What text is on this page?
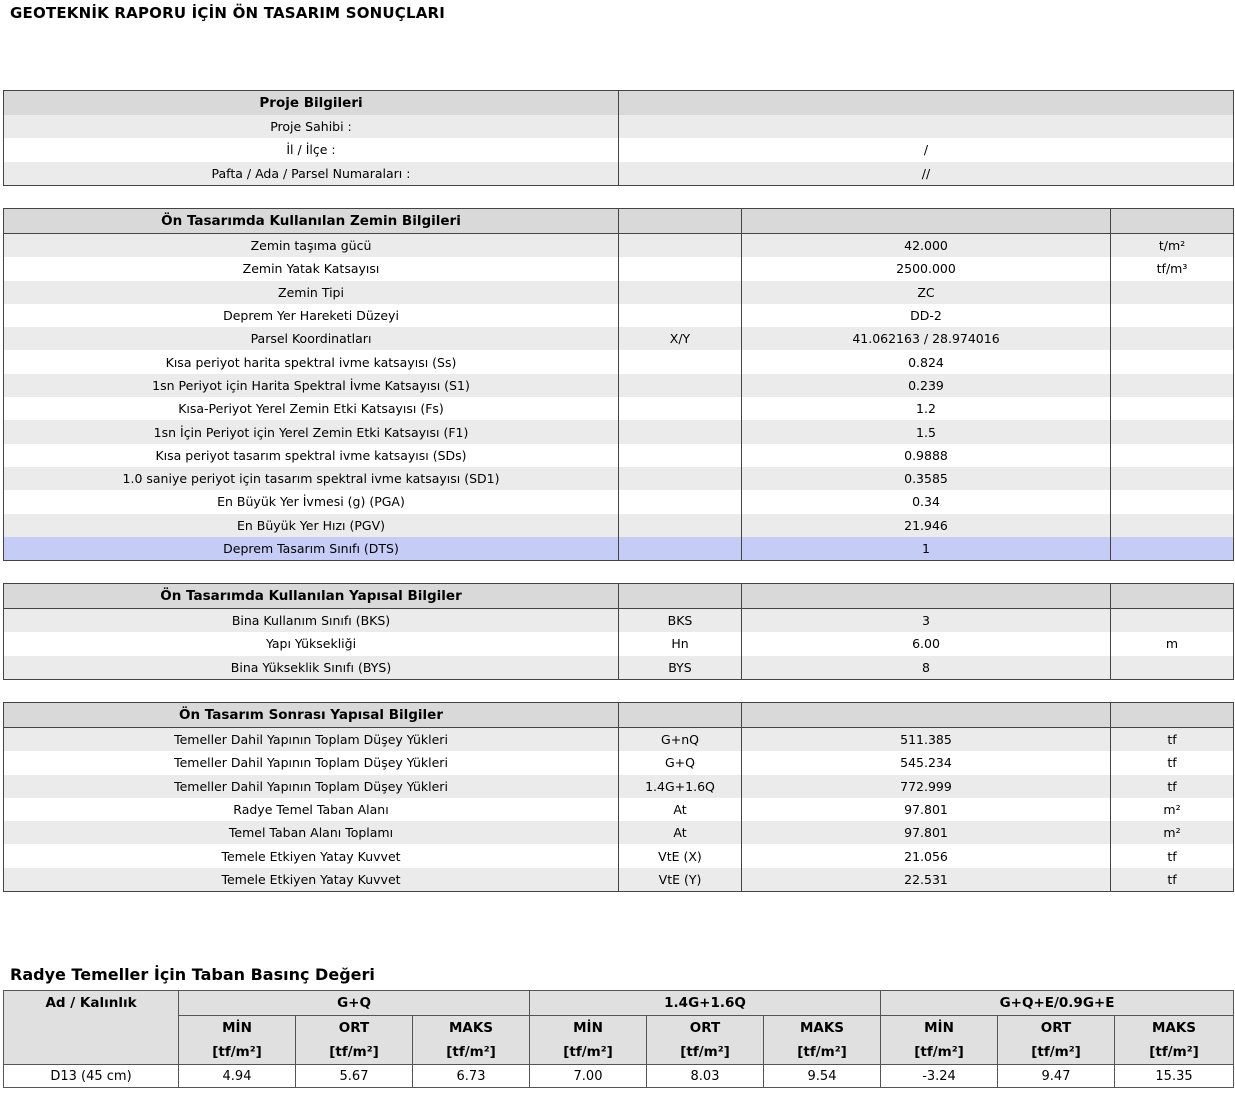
GEOTEKNİK RAPORU İÇİN ÖN TASARIM SONUÇLARI
Proje Bilgileri	
Proje Sahibi :	
İl / İlçe :	/
Pafta / Ada / Parsel Numaraları :	//
Ön Tasarımda Kullanılan Zemin Bilgileri			
Zemin taşıma gücü		42.000	t/m²
Zemin Yatak Katsayısı		2500.000	tf/m³
Zemin Tipi		ZC	
Deprem Yer Hareketi Düzeyi		DD-2	
Parsel Koordinatları	X/Y	41.062163 / 28.974016	
Kısa periyot harita spektral ivme katsayısı (Ss)		0.824	
1sn Periyot için Harita Spektral İvme Katsayısı (S1)		0.239	
Kısa-Periyot Yerel Zemin Etki Katsayısı (Fs)		1.2	
1sn İçin Periyot için Yerel Zemin Etki Katsayısı (F1)		1.5	
Kısa periyot tasarım spektral ivme katsayısı (SDs)		0.9888	
1.0 saniye periyot için tasarım spektral ivme katsayısı (SD1)		0.3585	
En Büyük Yer İvmesi (g) (PGA)		0.34	
En Büyük Yer Hızı (PGV)		21.946	
Deprem Tasarım Sınıfı (DTS)		1	
Ön Tasarımda Kullanılan Yapısal Bilgiler			
Bina Kullanım Sınıfı (BKS)	BKS	3	
Yapı Yüksekliği	Hn	6.00	m
Bina Yükseklik Sınıfı (BYS)	BYS	8	
Ön Tasarım Sonrası Yapısal Bilgiler			
Temeller Dahil Yapının Toplam Düşey Yükleri	G+nQ	511.385	tf
Temeller Dahil Yapının Toplam Düşey Yükleri	G+Q	545.234	tf
Temeller Dahil Yapının Toplam Düşey Yükleri	1.4G+1.6Q	772.999	tf
Radye Temel Taban Alanı	At	97.801	m²
Temel Taban Alanı Toplamı	At	97.801	m²
Temele Etkiyen Yatay Kuvvet	VtE (X)	21.056	tf
Temele Etkiyen Yatay Kuvvet	VtE (Y)	22.531	tf
Radye Temeller İçin Taban Basınç Değeri
Ad / Kalınlık	G+Q			1.4G+1.6Q			G+Q+E/0.9G+E		
	MİN	ORT	MAKS	MİN	ORT	MAKS	MİN	ORT	MAKS
	[tf/m²]	[tf/m²]	[tf/m²]	[tf/m²]	[tf/m²]	[tf/m²]	[tf/m²]	[tf/m²]	[tf/m²]
D13 (45 cm)	4.94	5.67	6.73	7.00	8.03	9.54	-3.24	9.47	15.35
